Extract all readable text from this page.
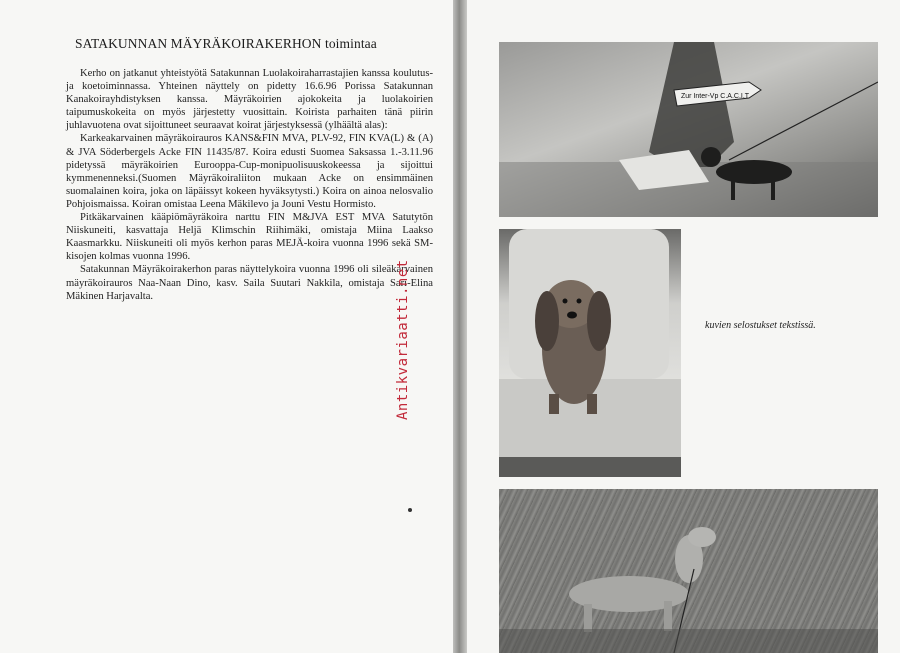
SATAKUNNAN MÄYRÄKOIRAKERHON toimintaa

Kerho on jatkanut yhteistyötä Satakunnan Luolakoiraharrastajien kanssa koulutus- ja koetoiminnassa. Yhteinen näyttely on pidetty 16.6.96 Porissa Satakunnan Kanakoirayhdistyksen kanssa. Mäyräkoirien ajokokeita ja luolakoirien taipumuskokeita on myös järjestetty vuosittain. Koirista parhaiten tänä piirin juhlavuotena ovat sijoittuneet seuraavat koirat järjestyksessä (ylhäältä alas):

Karkeakarvainen mäyräkoirauros KANS&FIN MVA, PLV-92, FIN KVA(L) & (A) & JVA Söderbergels Acke FIN 11435/87. Koira edusti Suomea Saksassa 1.-3.11.96 pidetyssä mäyräkoirien Eurooppa-Cup-monipuolisuuskokeessa ja sijoittui kymmenenneksi.(Suomen Mäyräkoiraliiton mukaan Acke on ensimmäinen suomalainen koira, joka on läpäissyt kokeen hyväksytysti.) Koira on ainoa nelosvalio Pohjoismaissa. Koiran omistaa Leena Mäkilevo ja Jouni Vestu Hormisto.

Pitkäkarvainen kääpiömäyräkoira narttu FIN M&JVA EST MVA Satutytön Niiskuneiti, kasvattaja Heljä Klimschin Riihimäki, omistaja Miina Laakso Kaasmarkku. Niiskuneiti oli myös kerhon paras MEJÄ-koira vuonna 1996 sekä SM-kisojen kolmas vuonna 1996.

Satakunnan Mäyräkoirakerhon paras näyttelykoira vuonna 1996 oli sileäkarvainen mäyräkoirauros Naa-Naan Dino, kasv. Saila Suutari Nakkila, omistaja Sari-Elina Mäkinen Harjavalta.	Antikvariaatti.net
Zur Inter-Vp C.A.C.I.T
kuvien selostukset tekstissä.
